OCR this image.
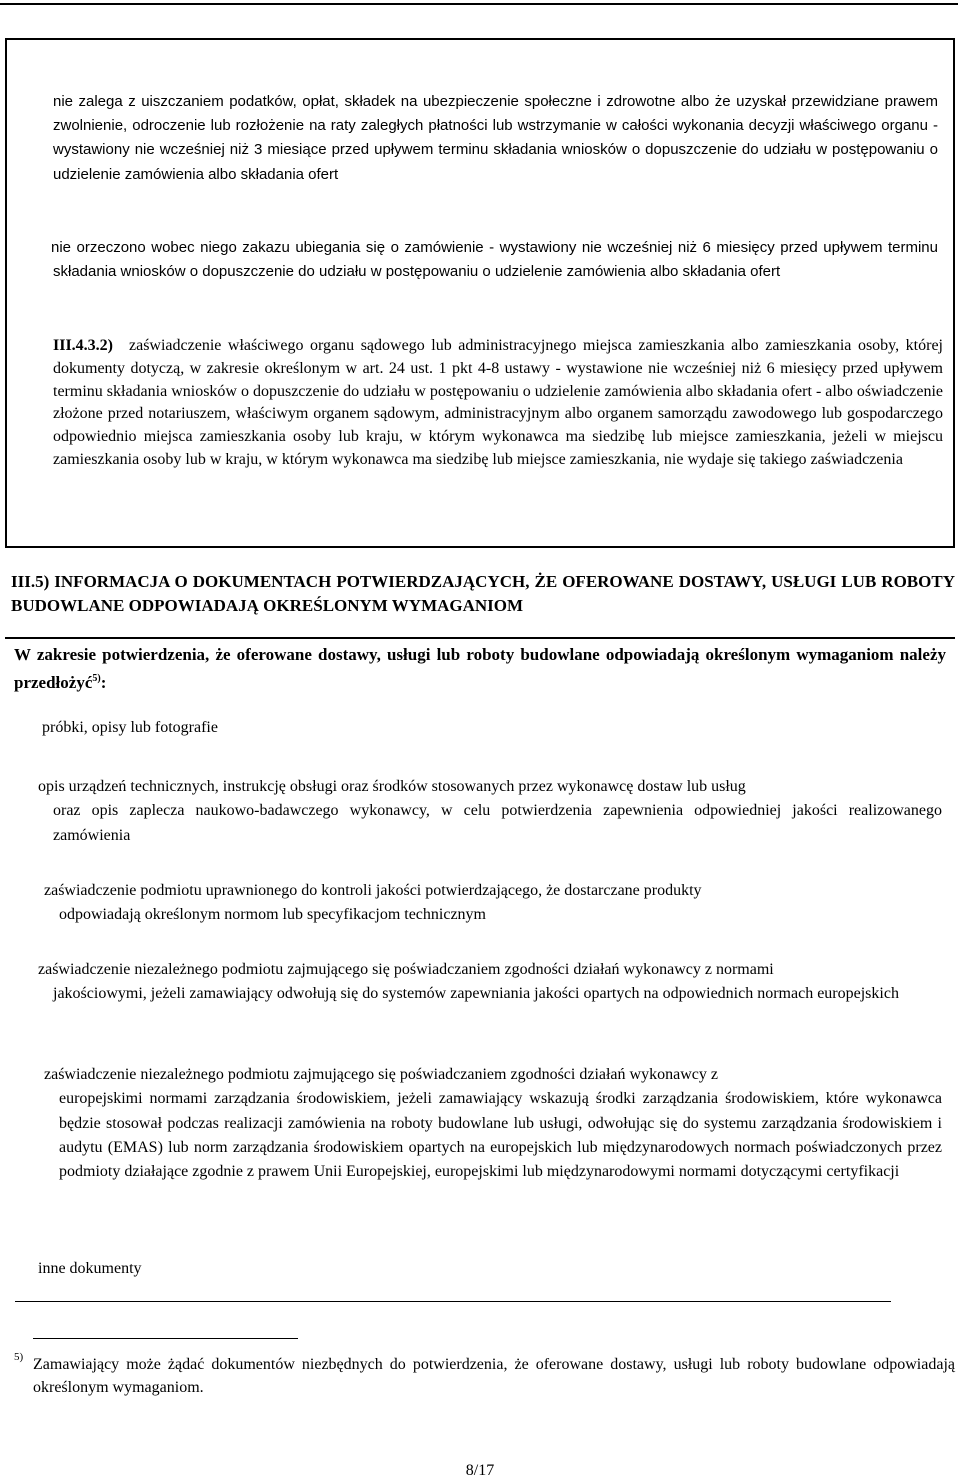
nie zalega z uiszczaniem podatków, opłat, składek na ubezpieczenie społeczne i zdrowotne albo że uzyskał przewidziane prawem zwolnienie, odroczenie lub rozłożenie na raty zaległych płatności lub wstrzymanie w całości wykonania decyzji właściwego organu - wystawiony nie wcześniej niż 3 miesiące przed upływem terminu składania wniosków o dopuszczenie do udziału w postępowaniu o udzielenie zamówienia albo składania ofert
nie orzeczono wobec niego zakazu ubiegania się o zamówienie - wystawiony nie wcześniej niż 6 miesięcy przed upływem terminu składania wniosków o dopuszczenie do udziału w postępowaniu o udzielenie zamówienia albo składania ofert
III.4.3.2) zaświadczenie właściwego organu sądowego lub administracyjnego miejsca zamieszkania albo zamieszkania osoby, której dokumenty dotyczą, w zakresie określonym w art. 24 ust. 1 pkt 4-8 ustawy - wystawione nie wcześniej niż 6 miesięcy przed upływem terminu składania wniosków o dopuszczenie do udziału w postępowaniu o udzielenie zamówienia albo składania ofert - albo oświadczenie złożone przed notariuszem, właściwym organem sądowym, administracyjnym albo organem samorządu zawodowego lub gospodarczego odpowiednio miejsca zamieszkania osoby lub kraju, w którym wykonawca ma siedzibę lub miejsce zamieszkania, jeżeli w miejscu zamieszkania osoby lub w kraju, w którym wykonawca ma siedzibę lub miejsce zamieszkania, nie wydaje się takiego zaświadczenia
III.5) INFORMACJA O DOKUMENTACH POTWIERDZAJĄCYCH, ŻE OFEROWANE DOSTAWY, USŁUGI LUB ROBOTY BUDOWLANE ODPOWIADAJĄ OKREŚLONYM WYMAGANIOM
W zakresie potwierdzenia, że oferowane dostawy, usługi lub roboty budowlane odpowiadają określonym wymaganiom należy przedłożyć$^{5)}$:
próbki, opisy lub fotografie
opis urządzeń technicznych, instrukcję obsługi oraz środków stosowanych przez wykonawcę dostaw lub usług
oraz opis zaplecza naukowo-badawczego wykonawcy, w celu potwierdzenia zapewnienia odpowiedniej jakości realizowanego zamówienia
zaświadczenie podmiotu uprawnionego do kontroli jakości potwierdzającego, że dostarczane produkty
odpowiadają określonym normom lub specyfikacjom technicznym
zaświadczenie niezależnego podmiotu zajmującego się poświadczaniem zgodności działań wykonawcy z normami
jakościowymi, jeżeli zamawiający odwołują się do systemów zapewniania jakości opartych na odpowiednich normach europejskich
zaświadczenie niezależnego podmiotu zajmującego się poświadczaniem zgodności działań wykonawcy z
europejskimi normami zarządzania środowiskiem, jeżeli zamawiający wskazują środki zarządzania środowiskiem, które wykonawca będzie stosował podczas realizacji zamówienia na roboty budowlane lub usługi, odwołując się do systemu zarządzania środowiskiem i audytu (EMAS) lub norm zarządzania środowiskiem opartych na europejskich lub międzynarodowych normach poświadczonych przez podmioty działające zgodnie z prawem Unii Europejskiej, europejskimi lub międzynarodowymi normami dotyczącymi certyfikacji
inne dokumenty
5) Zamawiający może żądać dokumentów niezbędnych do potwierdzenia, że oferowane dostawy, usługi lub roboty budowlane odpowiadają określonym wymaganiom.
8/17
